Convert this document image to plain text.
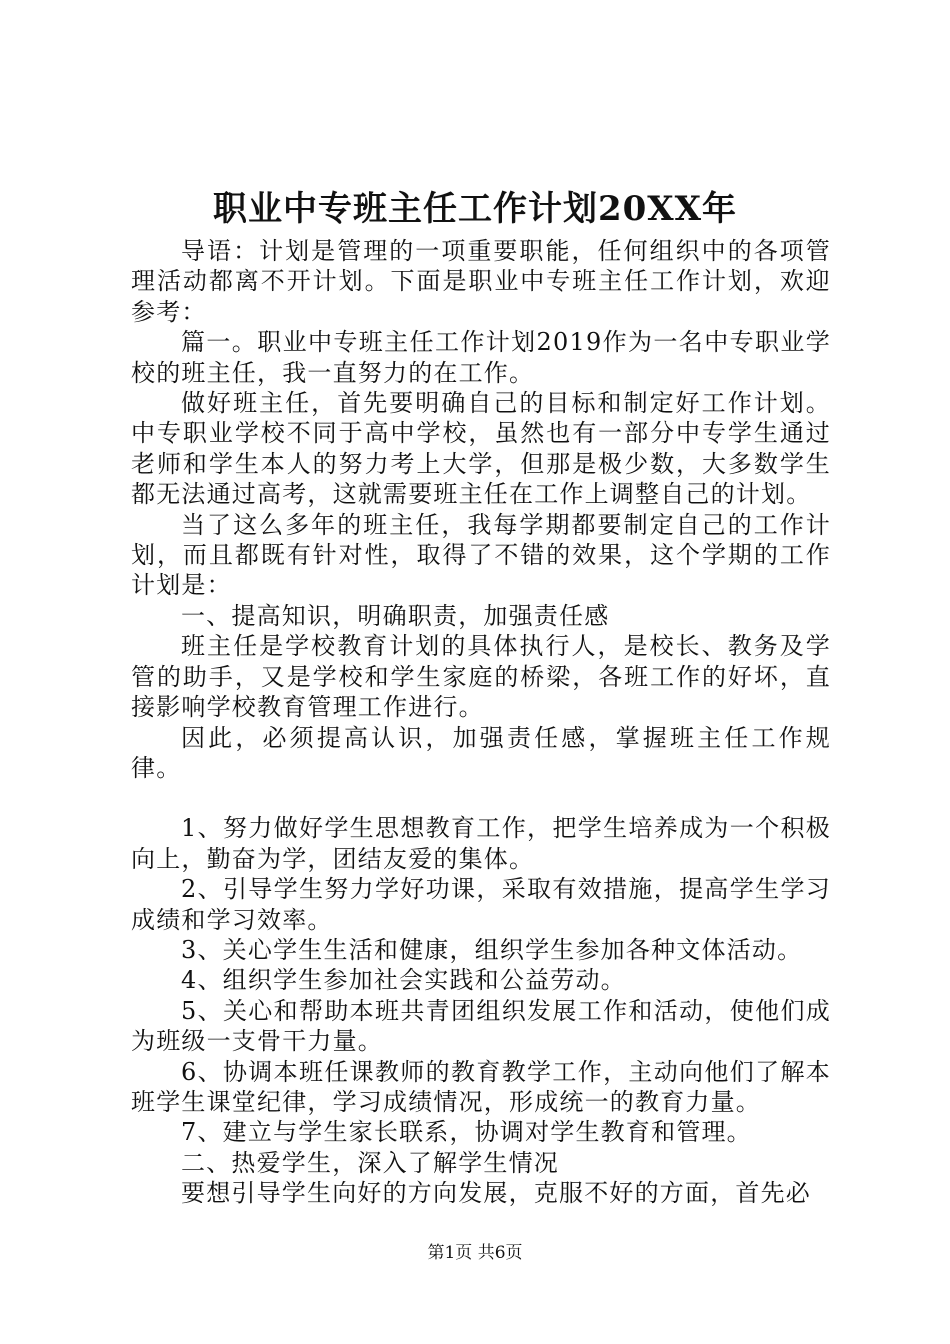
职业中专班主任工作计划20XX年

导语：计划是管理的一项重要职能，任何组织中的各项管理活动都离不开计划。下面是职业中专班主任工作计划，欢迎参考：

篇一。职业中专班主任工作计划2019作为一名中专职业学校的班主任，我一直努力的在工作。

做好班主任，首先要明确自己的目标和制定好工作计划。中专职业学校不同于高中学校，虽然也有一部分中专学生通过老师和学生本人的努力考上大学，但那是极少数，大多数学生都无法通过高考，这就需要班主任在工作上调整自己的计划。

当了这么多年的班主任，我每学期都要制定自己的工作计划，而且都既有针对性，取得了不错的效果，这个学期的工作计划是：

一、提高知识，明确职责，加强责任感

班主任是学校教育计划的具体执行人，是校长、教务及学管的助手，又是学校和学生家庭的桥梁，各班工作的好坏，直接影响学校教育管理工作进行。

因此，必须提高认识，加强责任感，掌握班主任工作规律。

1、努力做好学生思想教育工作，把学生培养成为一个积极向上，勤奋为学，团结友爱的集体。

2、引导学生努力学好功课，采取有效措施，提高学生学习成绩和学习效率。

3、关心学生生活和健康，组织学生参加各种文体活动。

4、组织学生参加社会实践和公益劳动。

5、关心和帮助本班共青团组织发展工作和活动，使他们成为班级一支骨干力量。

6、协调本班任课教师的教育教学工作，主动向他们了解本班学生课堂纪律，学习成绩情况，形成统一的教育力量。

7、建立与学生家长联系，协调对学生教育和管理。

二、热爱学生，深入了解学生情况

要想引导学生向好的方向发展，克服不好的方面，首先必

第1页 共6页
